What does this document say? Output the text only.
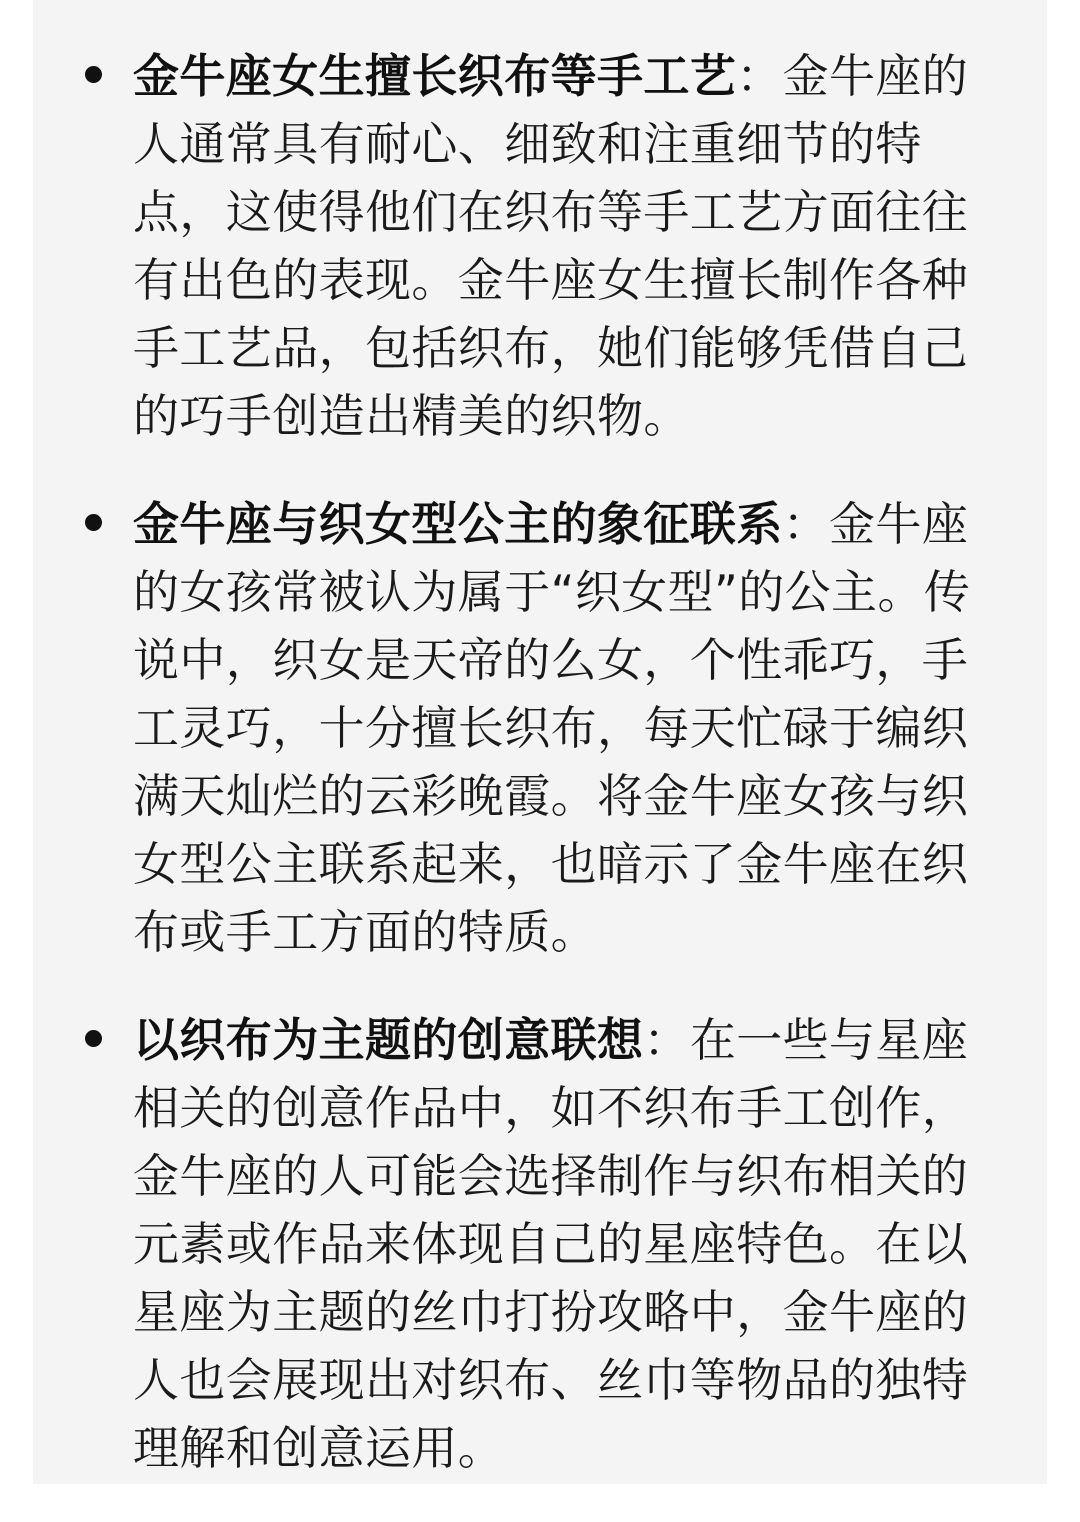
金牛座女生擅长织布等手工艺：金牛座的人通常具有耐心、细致和注重细节的特点，这使得他们在织布等手工艺方面往往有出色的表现。金牛座女生擅长制作各种手工艺品，包括织布，她们能够凭借自己的巧手创造出精美的织物。
金牛座与织女型公主的象征联系：金牛座的女孩常被认为属于“织女型”的公主。传说中，织女是天帝的么女，个性乖巧，手工灵巧，十分擅长织布，每天忙碌于编织满天灿烂的云彩晚霞。将金牛座女孩与织女型公主联系起来，也暗示了金牛座在织布或手工方面的特质。
以织布为主题的创意联想：在一些与星座相关的创意作品中，如不织布手工创作，金牛座的人可能会选择制作与织布相关的元素或作品来体现自己的星座特色。在以星座为主题的丝巾打扮攻略中，金牛座的人也会展现出对织布、丝巾等物品的独特理解和创意运用。
